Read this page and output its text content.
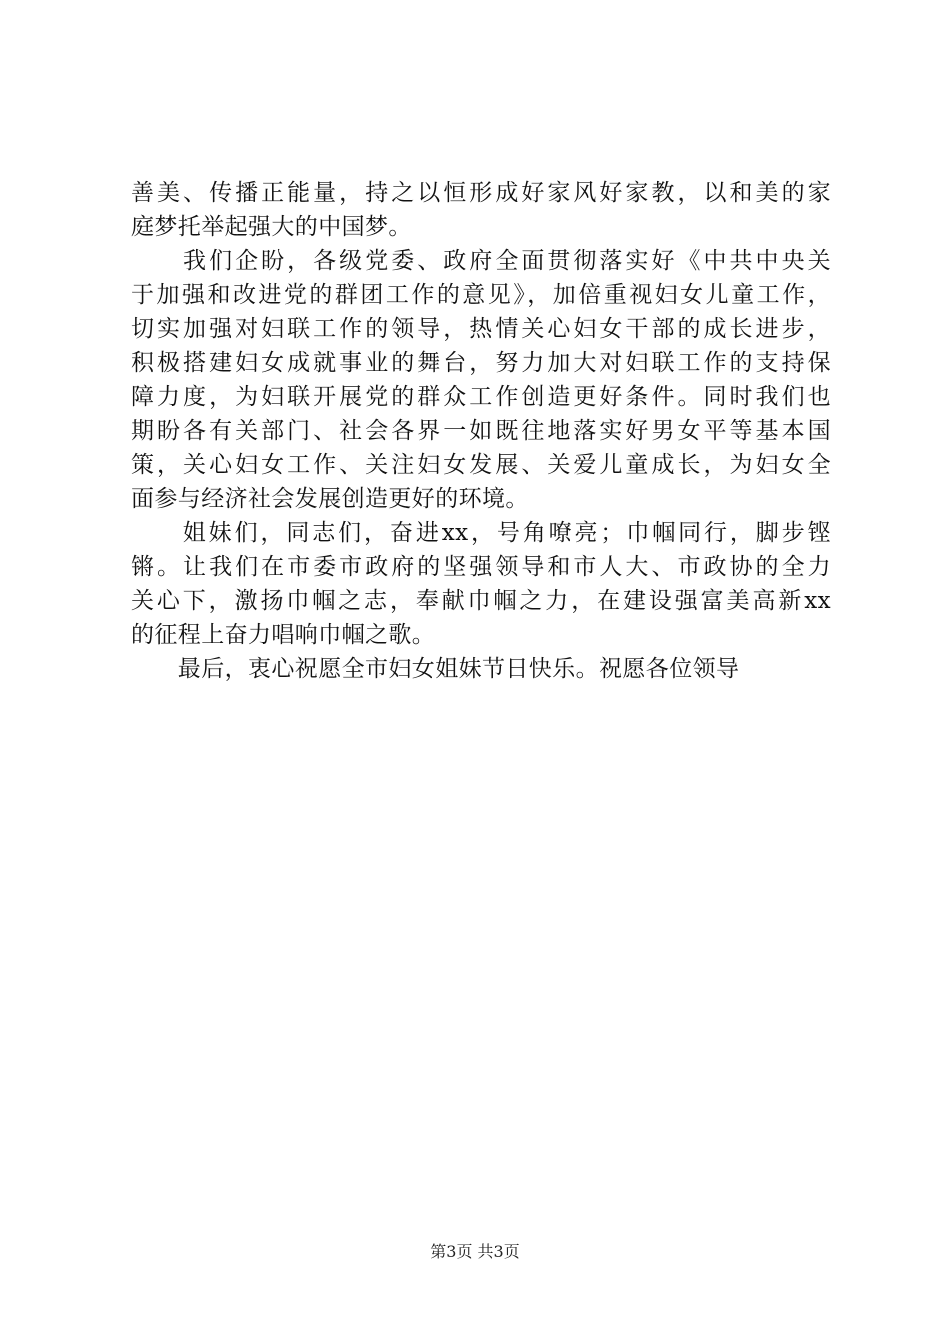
善美、传播正能量，持之以恒形成好家风好家教，以和美的家
庭梦托举起强大的中国梦。
　　我们企盼，各级党委、政府全面贯彻落实好《中共中央关
于加强和改进党的群团工作的意见》，加倍重视妇女儿童工作，
切实加强对妇联工作的领导，热情关心妇女干部的成长进步，
积极搭建妇女成就事业的舞台，努力加大对妇联工作的支持保
障力度，为妇联开展党的群众工作创造更好条件。同时我们也
期盼各有关部门、社会各界一如既往地落实好男女平等基本国
策，关心妇女工作、关注妇女发展、关爱儿童成长，为妇女全
面参与经济社会发展创造更好的环境。
　　姐妹们，同志们，奋进xx，号角嘹亮；巾帼同行，脚步铿
锵。让我们在市委市政府的坚强领导和市人大、市政协的全力
关心下，激扬巾帼之志，奉献巾帼之力，在建设强富美高新xx
的征程上奋力唱响巾帼之歌。
　　最后，衷心祝愿全市妇女姐妹节日快乐。祝愿各位领导
第3页 共3页
